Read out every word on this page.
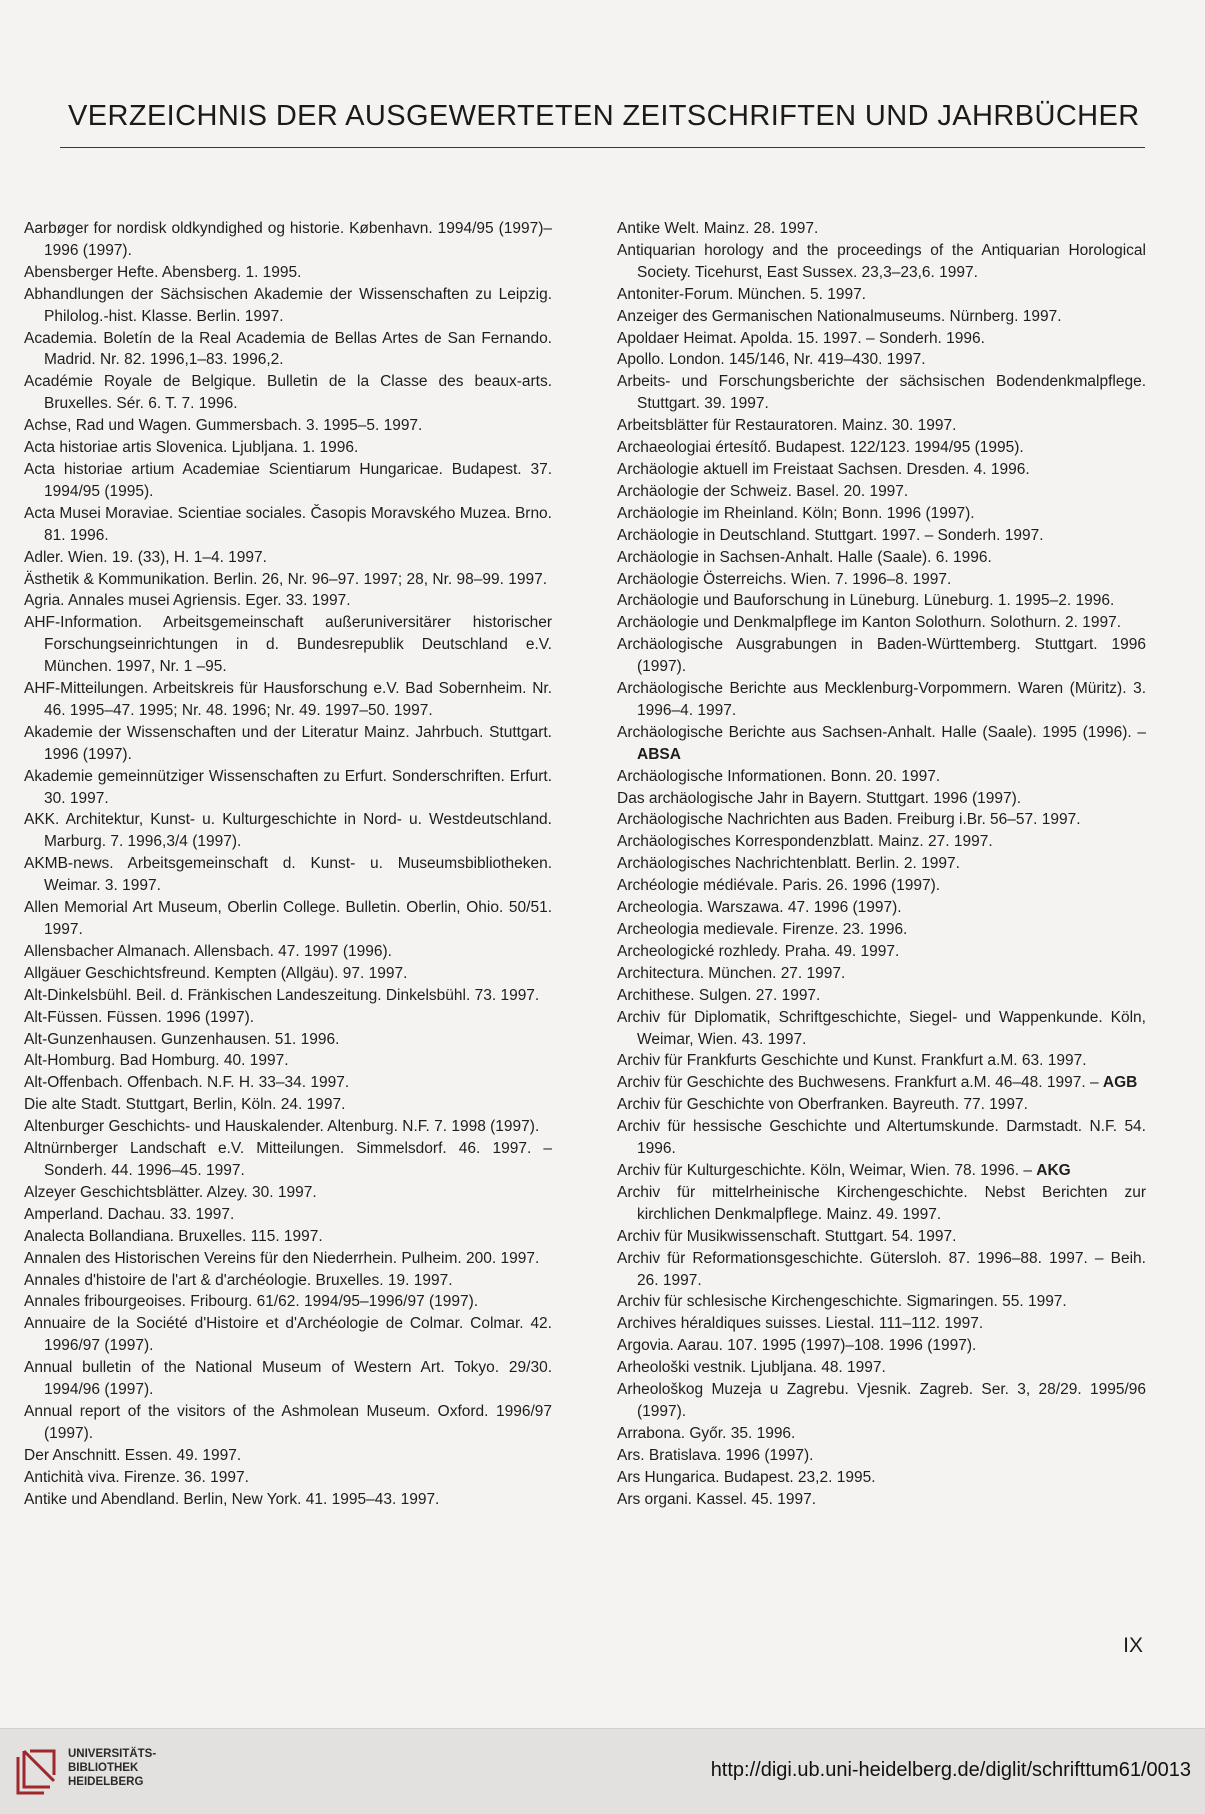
VERZEICHNIS DER AUSGEWERTETEN ZEITSCHRIFTEN UND JAHRBÜCHER
Aarbøger for nordisk oldkyndighed og historie. København. 1994/95 (1997)–1996 (1997).
Abensberger Hefte. Abensberg. 1. 1995.
Abhandlungen der Sächsischen Akademie der Wissenschaften zu Leipzig. Philolog.-hist. Klasse. Berlin. 1997.
Academia. Boletín de la Real Academia de Bellas Artes de San Fernando. Madrid. Nr. 82. 1996,1–83. 1996,2.
Académie Royale de Belgique. Bulletin de la Classe des beaux-arts. Bruxelles. Sér. 6. T. 7. 1996.
Achse, Rad und Wagen. Gummersbach. 3. 1995–5. 1997.
Acta historiae artis Slovenica. Ljubljana. 1. 1996.
Acta historiae artium Academiae Scientiarum Hungaricae. Budapest. 37. 1994/95 (1995).
Acta Musei Moraviae. Scientiae sociales. Časopis Moravského Muzea. Brno. 81. 1996.
Adler. Wien. 19. (33), H. 1–4. 1997.
Ästhetik & Kommunikation. Berlin. 26, Nr. 96–97. 1997; 28, Nr. 98–99. 1997.
Agria. Annales musei Agriensis. Eger. 33. 1997.
AHF-Information. Arbeitsgemeinschaft außeruniversitärer historischer Forschungseinrichtungen in d. Bundesrepublik Deutschland e.V. München. 1997, Nr. 1 –95.
AHF-Mitteilungen. Arbeitskreis für Hausforschung e.V. Bad Sobernheim. Nr. 46. 1995–47. 1995; Nr. 48. 1996; Nr. 49. 1997–50. 1997.
Akademie der Wissenschaften und der Literatur Mainz. Jahrbuch. Stuttgart. 1996 (1997).
Akademie gemeinnütziger Wissenschaften zu Erfurt. Sonderschriften. Erfurt. 30. 1997.
AKK. Architektur, Kunst- u. Kulturgeschichte in Nord- u. Westdeutschland. Marburg. 7. 1996,3/4 (1997).
AKMB-news. Arbeitsgemeinschaft d. Kunst- u. Museumsbibliotheken. Weimar. 3. 1997.
Allen Memorial Art Museum, Oberlin College. Bulletin. Oberlin, Ohio. 50/51. 1997.
Allensbacher Almanach. Allensbach. 47. 1997 (1996).
Allgäuer Geschichtsfreund. Kempten (Allgäu). 97. 1997.
Alt-Dinkelsbühl. Beil. d. Fränkischen Landeszeitung. Dinkelsbühl. 73. 1997.
Alt-Füssen. Füssen. 1996 (1997).
Alt-Gunzenhausen. Gunzenhausen. 51. 1996.
Alt-Homburg. Bad Homburg. 40. 1997.
Alt-Offenbach. Offenbach. N.F. H. 33–34. 1997.
Die alte Stadt. Stuttgart, Berlin, Köln. 24. 1997.
Altenburger Geschichts- und Hauskalender. Altenburg. N.F. 7. 1998 (1997).
Altnürnberger Landschaft e.V. Mitteilungen. Simmelsdorf. 46. 1997. – Sonderh. 44. 1996–45. 1997.
Alzeyer Geschichtsblätter. Alzey. 30. 1997.
Amperland. Dachau. 33. 1997.
Analecta Bollandiana. Bruxelles. 115. 1997.
Annalen des Historischen Vereins für den Niederrhein. Pulheim. 200. 1997.
Annales d'histoire de l'art & d'archéologie. Bruxelles. 19. 1997.
Annales fribourgeoises. Fribourg. 61/62. 1994/95–1996/97 (1997).
Annuaire de la Société d'Histoire et d'Archéologie de Colmar. Colmar. 42. 1996/97 (1997).
Annual bulletin of the National Museum of Western Art. Tokyo. 29/30. 1994/96 (1997).
Annual report of the visitors of the Ashmolean Museum. Oxford. 1996/97 (1997).
Der Anschnitt. Essen. 49. 1997.
Antichità viva. Firenze. 36. 1997.
Antike und Abendland. Berlin, New York. 41. 1995–43. 1997.
Antike Welt. Mainz. 28. 1997.
Antiquarian horology and the proceedings of the Antiquarian Horological Society. Ticehurst, East Sussex. 23,3–23,6. 1997.
Antoniter-Forum. München. 5. 1997.
Anzeiger des Germanischen Nationalmuseums. Nürnberg. 1997.
Apoldaer Heimat. Apolda. 15. 1997. – Sonderh. 1996.
Apollo. London. 145/146, Nr. 419–430. 1997.
Arbeits- und Forschungsberichte der sächsischen Bodendenkmalpflege. Stuttgart. 39. 1997.
Arbeitsblätter für Restauratoren. Mainz. 30. 1997.
Archaeologiai értesítő. Budapest. 122/123. 1994/95 (1995).
Archäologie aktuell im Freistaat Sachsen. Dresden. 4. 1996.
Archäologie der Schweiz. Basel. 20. 1997.
Archäologie im Rheinland. Köln; Bonn. 1996 (1997).
Archäologie in Deutschland. Stuttgart. 1997. – Sonderh. 1997.
Archäologie in Sachsen-Anhalt. Halle (Saale). 6. 1996.
Archäologie Österreichs. Wien. 7. 1996–8. 1997.
Archäologie und Bauforschung in Lüneburg. Lüneburg. 1. 1995–2. 1996.
Archäologie und Denkmalpflege im Kanton Solothurn. Solothurn. 2. 1997.
Archäologische Ausgrabungen in Baden-Württemberg. Stuttgart. 1996 (1997).
Archäologische Berichte aus Mecklenburg-Vorpommern. Waren (Müritz). 3. 1996–4. 1997.
Archäologische Berichte aus Sachsen-Anhalt. Halle (Saale). 1995 (1996). – ABSA
Archäologische Informationen. Bonn. 20. 1997.
Das archäologische Jahr in Bayern. Stuttgart. 1996 (1997).
Archäologische Nachrichten aus Baden. Freiburg i.Br. 56–57. 1997.
Archäologisches Korrespondenzblatt. Mainz. 27. 1997.
Archäologisches Nachrichtenblatt. Berlin. 2. 1997.
Archéologie médiévale. Paris. 26. 1996 (1997).
Archeologia. Warszawa. 47. 1996 (1997).
Archeologia medievale. Firenze. 23. 1996.
Archeologické rozhledy. Praha. 49. 1997.
Architectura. München. 27. 1997.
Archithese. Sulgen. 27. 1997.
Archiv für Diplomatik, Schriftgeschichte, Siegel- und Wappenkunde. Köln, Weimar, Wien. 43. 1997.
Archiv für Frankfurts Geschichte und Kunst. Frankfurt a.M. 63. 1997.
Archiv für Geschichte des Buchwesens. Frankfurt a.M. 46–48. 1997. – AGB
Archiv für Geschichte von Oberfranken. Bayreuth. 77. 1997.
Archiv für hessische Geschichte und Altertumskunde. Darmstadt. N.F. 54. 1996.
Archiv für Kulturgeschichte. Köln, Weimar, Wien. 78. 1996. – AKG
Archiv für mittelrheinische Kirchengeschichte. Nebst Berichten zur kirchlichen Denkmalpflege. Mainz. 49. 1997.
Archiv für Musikwissenschaft. Stuttgart. 54. 1997.
Archiv für Reformationsgeschichte. Gütersloh. 87. 1996–88. 1997. – Beih. 26. 1997.
Archiv für schlesische Kirchengeschichte. Sigmaringen. 55. 1997.
Archives héraldiques suisses. Liestal. 111–112. 1997.
Argovia. Aarau. 107. 1995 (1997)–108. 1996 (1997).
Arheološki vestnik. Ljubljana. 48. 1997.
Arheološkog Muzeja u Zagrebu. Vjesnik. Zagreb. Ser. 3, 28/29. 1995/96 (1997).
Arrabona. Győr. 35. 1996.
Ars. Bratislava. 1996 (1997).
Ars Hungarica. Budapest. 23,2. 1995.
Ars organi. Kassel. 45. 1997.
IX
UNIVERSITÄTS-
BIBLIOTHEK
HEIDELBERG
http://digi.ub.uni-heidelberg.de/diglit/schrifttum61/0013
